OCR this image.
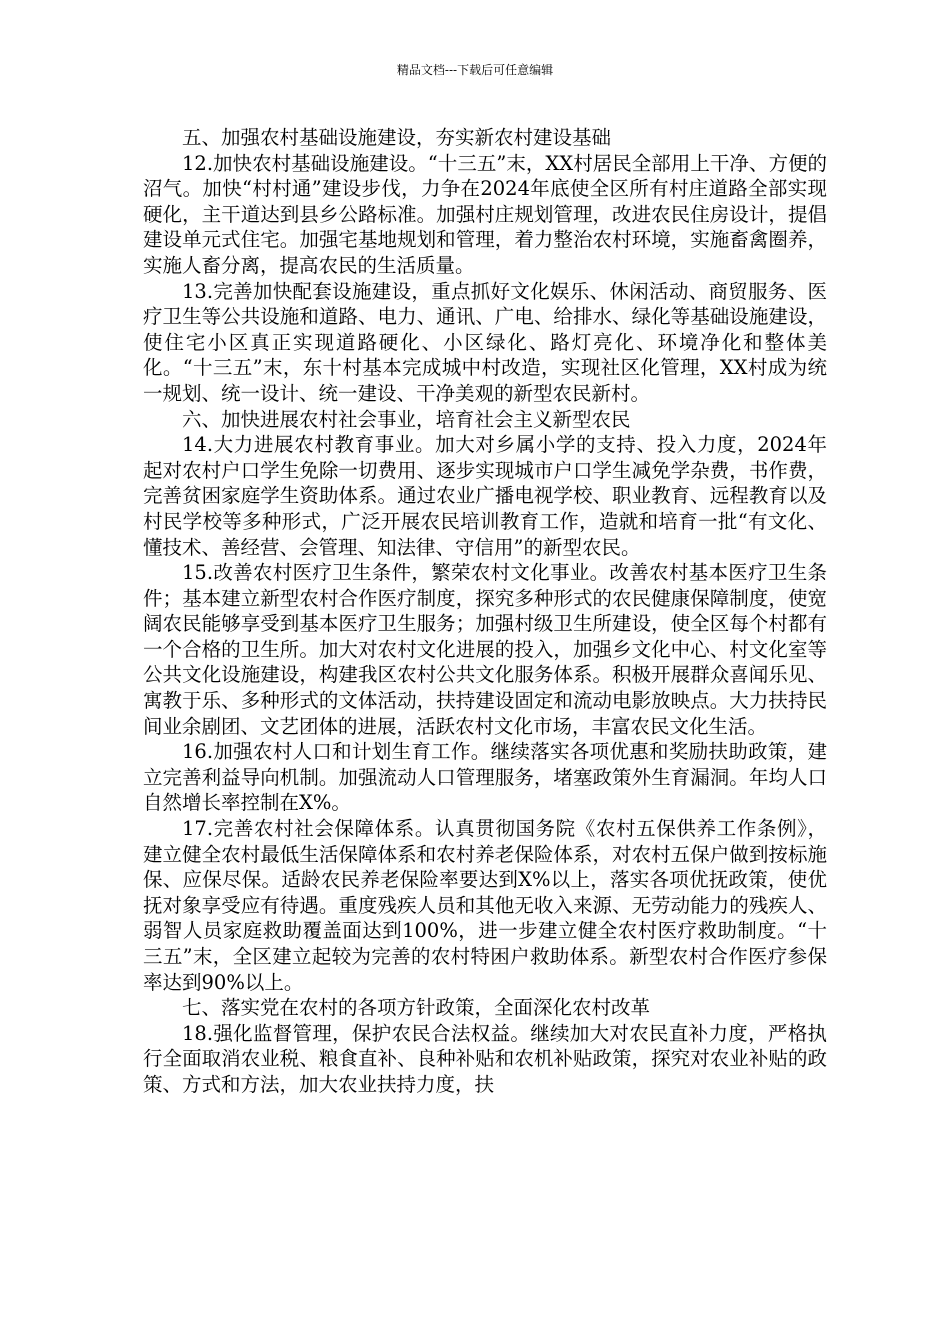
精品文档---下载后可任意编辑

五、加强农村基础设施建设，夯实新农村建设基础

12.加快农村基础设施建设。“十三五”末，XX村居民全部用上干净、方便的沼气。加快“村村通”建设步伐，力争在2024年底使全区所有村庄道路全部实现硬化，主干道达到县乡公路标准。加强村庄规划管理，改进农民住房设计，提倡建设单元式住宅。加强宅基地规划和管理，着力整治农村环境，实施畜禽圈养，实施人畜分离，提高农民的生活质量。

13.完善加快配套设施建设，重点抓好文化娱乐、休闲活动、商贸服务、医疗卫生等公共设施和道路、电力、通讯、广电、给排水、绿化等基础设施建设，使住宅小区真正实现道路硬化、小区绿化、路灯亮化、环境净化和整体美化。“十三五”末，东十村基本完成城中村改造，实现社区化管理，XX村成为统一规划、统一设计、统一建设、干净美观的新型农民新村。

六、加快进展农村社会事业，培育社会主义新型农民

14.大力进展农村教育事业。加大对乡属小学的支持、投入力度，2024年起对农村户口学生免除一切费用、逐步实现城市户口学生减免学杂费，书作费，完善贫困家庭学生资助体系。通过农业广播电视学校、职业教育、远程教育以及村民学校等多种形式，广泛开展农民培训教育工作，造就和培育一批“有文化、懂技术、善经营、会管理、知法律、守信用”的新型农民。

15.改善农村医疗卫生条件，繁荣农村文化事业。改善农村基本医疗卫生条件；基本建立新型农村合作医疗制度，探究多种形式的农民健康保障制度，使宽阔农民能够享受到基本医疗卫生服务；加强村级卫生所建设，使全区每个村都有一个合格的卫生所。加大对农村文化进展的投入，加强乡文化中心、村文化室等公共文化设施建设，构建我区农村公共文化服务体系。积极开展群众喜闻乐见、寓教于乐、多种形式的文体活动，扶持建设固定和流动电影放映点。大力扶持民间业余剧团、文艺团体的进展，活跃农村文化市场，丰富农民文化生活。

16.加强农村人口和计划生育工作。继续落实各项优惠和奖励扶助政策，建立完善利益导向机制。加强流动人口管理服务，堵塞政策外生育漏洞。年均人口自然增长率控制在X%。

17.完善农村社会保障体系。认真贯彻国务院《农村五保供养工作条例》，建立健全农村最低生活保障体系和农村养老保险体系，对农村五保户做到按标施保、应保尽保。适龄农民养老保险率要达到X%以上，落实各项优抚政策，使优抚对象享受应有待遇。重度残疾人员和其他无收入来源、无劳动能力的残疾人、弱智人员家庭救助覆盖面达到100%，进一步建立健全农村医疗救助制度。“十三五”末，全区建立起较为完善的农村特困户救助体系。新型农村合作医疗参保率达到90%以上。

七、落实党在农村的各项方针政策，全面深化农村改革

18.强化监督管理，保护农民合法权益。继续加大对农民直补力度，严格执行全面取消农业税、粮食直补、良种补贴和农机补贴政策，探究对农业补贴的政策、方式和方法，加大农业扶持力度，扶
